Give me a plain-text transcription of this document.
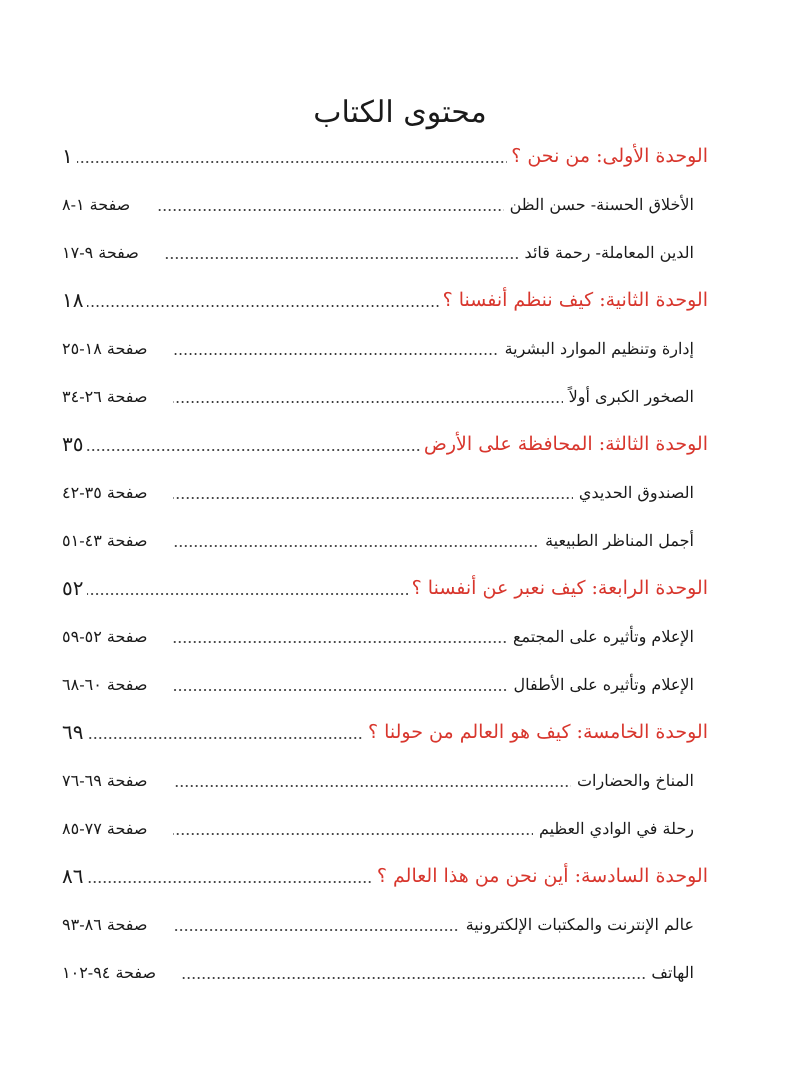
محتوى الكتاب
الوحدة الأولى: من نحن ؟
١
الأخلاق الحسنة- حسن الظن
صفحة ١-٨
الدين المعاملة- رحمة قائد
صفحة ٩-١٧
الوحدة الثانية: كيف ننظم أنفسنا ؟
١٨
إدارة وتنظيم الموارد البشرية
صفحة ١٨-٢٥
الصخور الكبرى أولاً
صفحة ٢٦-٣٤
الوحدة الثالثة: المحافظة على الأرض
٣٥
الصندوق الحديدي
صفحة ٣٥-٤٢
أجمل المناظر الطبيعية
صفحة ٤٣-٥١
الوحدة الرابعة: كيف نعبر عن أنفسنا ؟
٥٢
الإعلام وتأثيره على المجتمع
صفحة ٥٢-٥٩
الإعلام وتأثيره على الأطفال
صفحة ٦٠-٦٨
الوحدة الخامسة: كيف هو العالم من حولنا ؟
٦٩
المناخ والحضارات
صفحة ٦٩-٧٦
رحلة في الوادي العظيم
صفحة ٧٧-٨٥
الوحدة السادسة: أين نحن من هذا العالم ؟
٨٦
عالم الإنترنت والمكتبات الإلكترونية
صفحة ٨٦-٩٣
الهاتف
صفحة ٩٤-١٠٢
